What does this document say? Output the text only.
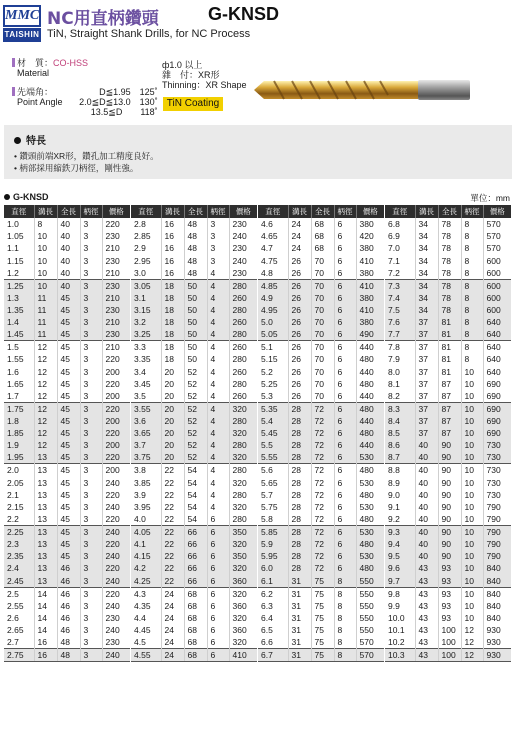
MMC
TAISHIN
NC用直柄鑽頭	G-KNSD
TiN, Straight Shank Drills, for NC Process
材　質：CO-HSS
Material
先端角：
Point Angle

D≦1.95　125˚
2.0≦D≦13.0　130˚
13.5≦D　　118˚
ф1.0 以上
雜　付：XR形
Thinning：XR Shape
TiN Coating
特長
• 鑽頭前端XR形，鑽孔加工精度良好。
• 柄部採用縮鉄刀柄徑，剛性強。
G-KNSD	單位：mm
直徑	溝長	全長	柄徑	價格
1.0	8	40	3	220
1.05	10	40	3	230
1.1	10	40	3	210
1.15	10	40	3	230
1.2	10	40	3	210
1.25	10	40	3	230
1.3	11	45	3	210
1.35	11	45	3	230
1.4	11	45	3	210
1.45	11	45	3	230
1.5	12	45	3	210
1.55	12	45	3	220
1.6	12	45	3	200
1.65	12	45	3	220
1.7	12	45	3	200
1.75	12	45	3	220
1.8	12	45	3	200
1.85	12	45	3	220
1.9	12	45	3	200
1.95	13	45	3	220
2.0	13	45	3	200
2.05	13	45	3	240
2.1	13	45	3	220
2.15	13	45	3	240
2.2	13	45	3	220
2.25	13	45	3	240
2.3	13	45	3	220
2.35	13	45	3	240
2.4	13	46	3	220
2.45	13	46	3	240
2.5	14	46	3	220
2.55	14	46	3	240
2.6	14	46	3	230
2.65	14	46	3	240
2.7	16	48	3	230
2.75	16	48	3	240
直徑	溝長	全長	柄徑	價格
2.8	16	48	3	230
2.85	16	48	3	240
2.9	16	48	3	230
2.95	16	48	3	240
3.0	16	48	4	230
3.05	18	50	4	280
3.1	18	50	4	260
3.15	18	50	4	280
3.2	18	50	4	260
3.25	18	50	4	280
3.3	18	50	4	260
3.35	18	50	4	280
3.4	20	52	4	260
3.45	20	52	4	280
3.5	20	52	4	260
3.55	20	52	4	320
3.6	20	52	4	280
3.65	20	52	4	320
3.7	20	52	4	280
3.75	20	52	4	320
3.8	22	54	4	280
3.85	22	54	4	320
3.9	22	54	4	280
3.95	22	54	4	320
4.0	22	54	6	280
4.05	22	66	6	350
4.1	22	66	6	320
4.15	22	66	6	350
4.2	22	66	6	320
4.25	22	66	6	360
4.3	24	68	6	320
4.35	24	68	6	360
4.4	24	68	6	320
4.45	24	68	6	360
4.5	24	68	6	320
4.55	24	68	6	410
直徑	溝長	全長	柄徑	價格
4.6	24	68	6	380
4.65	24	68	6	420
4.7	24	68	6	380
4.75	26	70	6	410
4.8	26	70	6	380
4.85	26	70	6	410
4.9	26	70	6	380
4.95	26	70	6	410
5.0	26	70	6	380
5.05	26	70	6	490
5.1	26	70	6	440
5.15	26	70	6	480
5.2	26	70	6	440
5.25	26	70	6	480
5.3	26	70	6	440
5.35	28	72	6	480
5.4	28	72	6	440
5.45	28	72	6	480
5.5	28	72	6	440
5.55	28	72	6	530
5.6	28	72	6	480
5.65	28	72	6	530
5.7	28	72	6	480
5.75	28	72	6	530
5.8	28	72	6	480
5.85	28	72	6	530
5.9	28	72	6	480
5.95	28	72	6	530
6.0	28	72	6	480
6.1	31	75	8	550
6.2	31	75	8	550
6.3	31	75	8	550
6.4	31	75	8	550
6.5	31	75	8	550
6.6	31	75	8	570
6.7	31	75	8	570
直徑	溝長	全長	柄徑	價格
6.8	34	78	8	570
6.9	34	78	8	570
7.0	34	78	8	570
7.1	34	78	8	600
7.2	34	78	8	600
7.3	34	78	8	600
7.4	34	78	8	600
7.5	34	78	8	600
7.6	37	81	8	640
7.7	37	81	8	640
7.8	37	81	8	640
7.9	37	81	8	640
8.0	37	81	10	640
8.1	37	87	10	690
8.2	37	87	10	690
8.3	37	87	10	690
8.4	37	87	10	690
8.5	37	87	10	690
8.6	40	90	10	730
8.7	40	90	10	730
8.8	40	90	10	730
8.9	40	90	10	730
9.0	40	90	10	730
9.1	40	90	10	790
9.2	40	90	10	790
9.3	40	90	10	790
9.4	40	90	10	790
9.5	40	90	10	790
9.6	43	93	10	840
9.7	43	93	10	840
9.8	43	93	10	840
9.9	43	93	10	840
10.0	43	93	10	840
10.1	43	100	12	930
10.2	43	100	12	930
10.3	43	100	12	930
